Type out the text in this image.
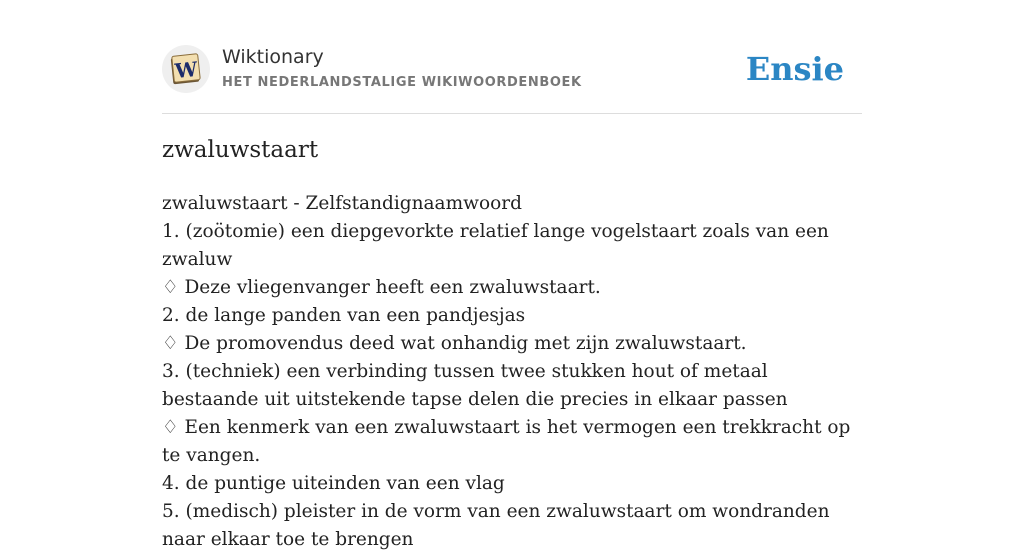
W Wiktionary
HET NEDERLANDSTALIGE WIKIWOORDENBOEK	Ensie
zwaluwstaart
zwaluwstaart - Zelfstandignaamwoord
1. (zoötomie) een diepgevorkte relatief lange vogelstaart zoals van een zwaluw
♢ Deze vliegenvanger heeft een zwaluwstaart.
2. de lange panden van een pandjesjas
♢ De promovendus deed wat onhandig met zijn zwaluwstaart.
3. (techniek) een verbinding tussen twee stukken hout of metaal bestaande uit uitstekende tapse delen die precies in elkaar passen
♢ Een kenmerk van een zwaluwstaart is het vermogen een trekkracht op te vangen.
4. de puntige uiteinden van een vlag
5. (medisch) pleister in de vorm van een zwaluwstaart om wondranden naar elkaar toe te brengen
